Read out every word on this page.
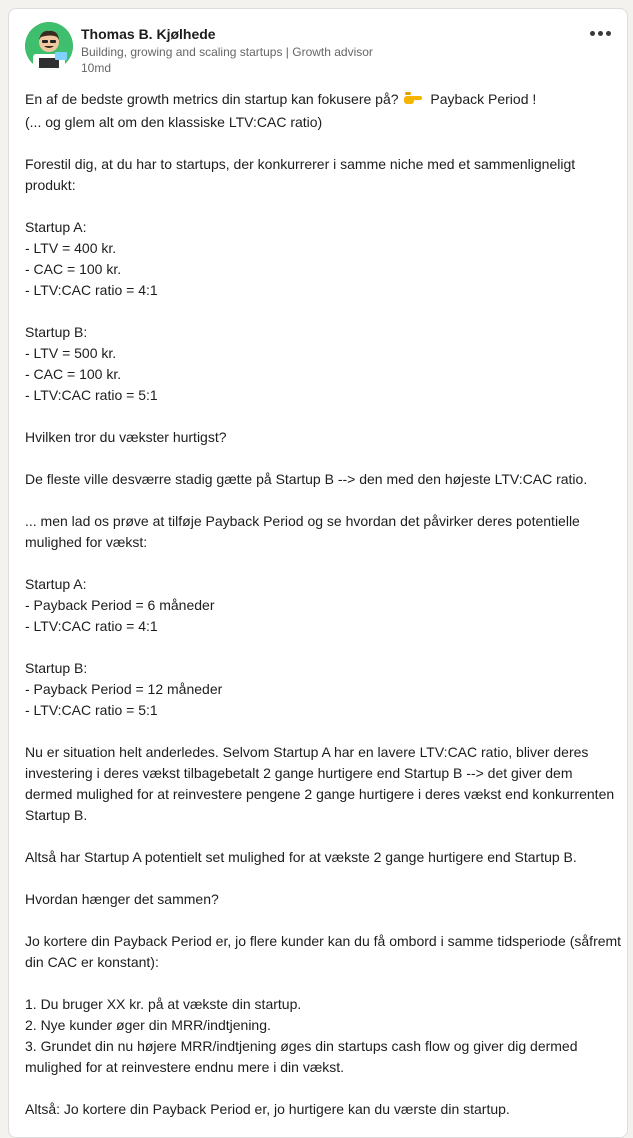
Thomas B. Kjølhede
Building, growing and scaling startups | Growth advisor
10md
En af de bedste growth metrics din startup kan fokusere på? Payback Period !
(... og glem alt om den klassiske LTV:CAC ratio)
Forestil dig, at du har to startups, der konkurrerer i samme niche med et sammenligneligt produkt:
Startup A:
- LTV = 400 kr.
- CAC = 100 kr.
- LTV:CAC ratio = 4:1
Startup B:
- LTV = 500 kr.
- CAC = 100 kr.
- LTV:CAC ratio = 5:1
Hvilken tror du vækster hurtigst?
De fleste ville desværre stadig gætte på Startup B --> den med den højeste LTV:CAC ratio.
... men lad os prøve at tilføje Payback Period og se hvordan det påvirker deres potentielle mulighed for vækst:
Startup A:
- Payback Period = 6 måneder
- LTV:CAC ratio = 4:1
Startup B:
- Payback Period = 12 måneder
- LTV:CAC ratio = 5:1
Nu er situation helt anderledes. Selvom Startup A har en lavere LTV:CAC ratio, bliver deres investering i deres vækst tilbagebetalt 2 gange hurtigere end Startup B --> det giver dem dermed mulighed for at reinvestere pengene 2 gange hurtigere i deres vækst end konkurrenten Startup B.
Altså har Startup A potentielt set mulighed for at vækste 2 gange hurtigere end Startup B.
Hvordan hænger det sammen?
Jo kortere din Payback Period er, jo flere kunder kan du få ombord i samme tidsperiode (såfremt din CAC er konstant):
1. Du bruger XX kr. på at vækste din startup.
2. Nye kunder øger din MRR/indtjening.
3. Grundet din nu højere MRR/indtjening øges din startups cash flow og giver dig dermed mulighed for at reinvestere endnu mere i din vækst.
Altså: Jo kortere din Payback Period er, jo hurtigere kan du værste din startup.
